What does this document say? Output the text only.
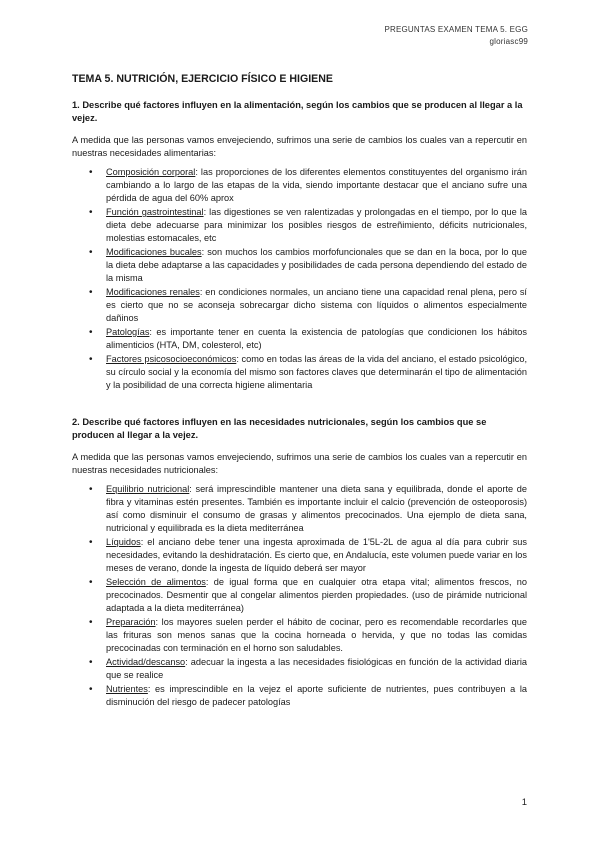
PREGUNTAS EXAMEN TEMA 5. EGG
gloriasc99
TEMA 5. NUTRICIÓN, EJERCICIO FÍSICO E HIGIENE
1. Describe qué factores influyen en la alimentación, según los cambios que se producen al llegar a la vejez.

A medida que las personas vamos envejeciendo, sufrimos una serie de cambios los cuales van a repercutir en nuestras necesidades alimentarias:

• Composición corporal: las proporciones de los diferentes elementos constituyentes del organismo irán cambiando a lo largo de las etapas de la vida, siendo importante destacar que el anciano sufre una pérdida de agua del 60% aprox
• Función gastrointestinal: las digestiones se ven ralentizadas y prolongadas en el tiempo, por lo que la dieta debe adecuarse para minimizar los posibles riesgos de estreñimiento, déficits nutricionales, molestias estomacales, etc
• Modificaciones bucales: son muchos los cambios morfofuncionales que se dan en la boca, por lo que la dieta debe adaptarse a las capacidades y posibilidades de cada persona dependiendo del estado de la misma
• Modificaciones renales: en condiciones normales, un anciano tiene una capacidad renal plena, pero sí es cierto que no se aconseja sobrecargar dicho sistema con líquidos o alimentos especialmente dañinos
• Patologías: es importante tener en cuenta la existencia de patologías que condicionen los hábitos alimenticios (HTA, DM, colesterol, etc)
• Factores psicosocioeconómicos: como en todas las áreas de la vida del anciano, el estado psicológico, su círculo social y la economía del mismo son factores claves que determinarán el tipo de alimentación y la posibilidad de una correcta higiene alimentaria
2. Describe qué factores influyen en las necesidades nutricionales, según los cambios que se producen al llegar a la vejez.

A medida que las personas vamos envejeciendo, sufrimos una serie de cambios los cuales van a repercutir en nuestras necesidades nutricionales:

• Equilibrio nutricional: será imprescindible mantener una dieta sana y equilibrada, donde el aporte de fibra y vitaminas estén presentes. También es importante incluir el calcio (prevención de osteoporosis) así como disminuir el consumo de grasas y alimentos precocinados. Una ejemplo de dieta sana, nutricional y equilibrada es la dieta mediterránea
• Líquidos: el anciano debe tener una ingesta aproximada de 1'5L-2L de agua al día para cubrir sus necesidades, evitando la deshidratación. Es cierto que, en Andalucía, este volumen puede variar en los meses de verano, donde la ingesta de líquido deberá ser mayor
• Selección de alimentos: de igual forma que en cualquier otra etapa vital; alimentos frescos, no precocinados. Desmentir que al congelar alimentos pierden propiedades. (uso de pirámide nutricional adaptada a la dieta mediterránea)
• Preparación: los mayores suelen perder el hábito de cocinar, pero es recomendable recordarles que las frituras son menos sanas que la cocina horneada o hervida, y que no todas las comidas precocinadas con terminación en el horno son saludables.
• Actividad/descanso: adecuar la ingesta a las necesidades fisiológicas en función de la actividad diaria que se realice
• Nutrientes: es imprescindible en la vejez el aporte suficiente de nutrientes, pues contribuyen a la disminución del riesgo de padecer patologías
1
